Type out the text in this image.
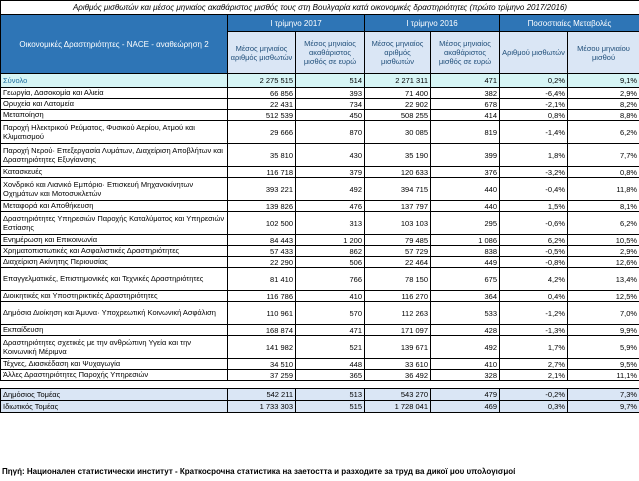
Αριθμός μισθωτών και μέσος μηνιαίος ακαθάριστος μισθός τους στη Βουλγαρία κατά οικονομικές δραστηριότητες (πρώτο τρίμηνο 2017/2016)						
Οικονομικές Δραστηριότητες - NACE - αναθεώρηση 2	I τρίμηνο 2017		I τρίμηνο 2016		Ποσοστιαίες Μεταβολές	
	Μέσος μηνιαίος αριθμός μισθωτών	Μέσος μηνιαίος ακαθάριστος μισθός σε ευρώ	Μέσος μηνιαίος αριθμός μισθωτών	Μέσος μηνιαίος ακαθάριστος μισθός σε ευρώ	Αριθμού μισθωτών	Μέσου μηνιαίου μισθού
Σύνολο	2 275 515	514	2 271 311	471	0,2%	9,1%
Γεωργία, Δασοκομία και Αλιεία	66 856	393	71 400	382	-6,4%	2,9%
Ορυχεία και Λατομεία	22 431	734	22 902	678	-2,1%	8,2%
Μεταποίηση	512 539	450	508 255	414	0,8%	8,8%
Παροχή Ηλεκτρικού Ρεύματος, Φυσικού Αερίου, Ατμού και Κλιματισμού	29 666	870	30 085	819	-1,4%	6,2%
Παροχή Νερού· Επεξεργασία Λυμάτων, Διαχείριση Αποβλήτων και Δραστηριότητες Εξυγίανσης	35 810	430	35 190	399	1,8%	7,7%
Κατασκευές	116 718	379	120 633	376	-3,2%	0,8%
Χονδρικό και Λιανικό Εμπόριο· Επισκευή Μηχανοκίνητων Οχημάτων και Μοτοσυκλετών	393 221	492	394 715	440	-0,4%	11,8%
Μεταφορά και Αποθήκευση	139 826	476	137 797	440	1,5%	8,1%
Δραστηριότητες Υπηρεσιών Παροχής Καταλύματος και Υπηρεσιών Εστίασης	102 500	313	103 103	295	-0,6%	6,2%
Ενημέρωση και Επικοινωνία	84 443	1 200	79 485	1 086	6,2%	10,5%
Χρηματοπιστωτικές και Ασφαλιστικές Δραστηριότητες	57 433	862	57 729	838	-0,5%	2,9%
Διαχείριση Ακίνητης Περιουσίας	22 290	506	22 464	449	-0,8%	12,6%
Επαγγελματικές, Επιστημονικές και Τεχνικές Δραστηριότητες	81 410	766	78 150	675	4,2%	13,4%
Διοικητικές και Υποστηρικτικές Δραστηριότητες	116 786	410	116 270	364	0,4%	12,5%
Δημόσια Διοίκηση και Άμυνα· Υποχρεωτική Κοινωνική Ασφάλιση	110 961	570	112 263	533	-1,2%	7,0%
Εκπαίδευση	168 874	471	171 097	428	-1,3%	9,9%
Δραστηριότητες σχετικές με την ανθρώπινη Υγεία και την Κοινωνική Μέριμνα	141 982	521	139 671	492	1,7%	5,9%
Τέχνες, Διασκέδαση και Ψυχαγωγία	34 510	448	33 610	410	2,7%	9,5%
Άλλες Δραστηριότητες Παροχής Υπηρεσιών	37 259	365	36 492	328	2,1%	11,1%

Δημόσιος Τομέας	542 211	513	543 270	479	-0,2%	7,3%
Ιδιωτικός Τομέας	1 733 303	515	1 728 041	469	0,3%	9,7%
Πηγή: Национален статистически институт - Краткосрочна статистика на заетостта и разходите за труд ва дикої μου υπολογισμοί
